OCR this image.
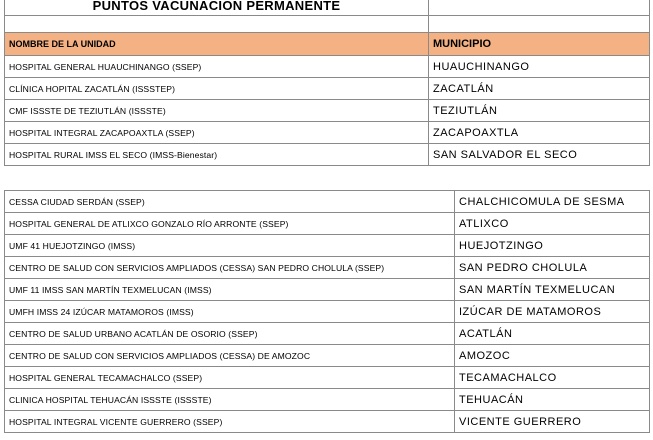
PUNTOS VACUNACION PERMANENTE	

NOMBRE DE LA UNIDAD	MUNICIPIO
HOSPITAL GENERAL HUAUCHINANGO (SSEP)	HUAUCHINANGO
CLÍNICA HOPITAL ZACATLÁN (ISSSTEP)	ZACATLÁN
CMF ISSSTE DE TEZIUTLÁN (ISSSTE)	TEZIUTLÁN
HOSPITAL INTEGRAL ZACAPOAXTLA (SSEP)	ZACAPOAXTLA
HOSPITAL RURAL IMSS EL SECO (IMSS-Bienestar)	SAN SALVADOR EL SECO
CESSA CIUDAD SERDÁN (SSEP)	CHALCHICOMULA DE SESMA
HOSPITAL GENERAL DE ATLIXCO GONZALO RÍO ARRONTE (SSEP)	ATLIXCO
UMF 41 HUEJOTZINGO (IMSS)	HUEJOTZINGO
CENTRO DE SALUD CON SERVICIOS AMPLIADOS (CESSA) SAN PEDRO CHOLULA (SSEP)	SAN PEDRO CHOLULA
UMF 11 IMSS SAN MARTÍN TEXMELUCAN (IMSS)	SAN MARTÍN TEXMELUCAN
UMFH IMSS 24 IZÚCAR MATAMOROS (IMSS)	IZÚCAR DE MATAMOROS
CENTRO DE SALUD URBANO ACATLÁN DE OSORIO (SSEP)	ACATLÁN
CENTRO DE SALUD CON SERVICIOS AMPLIADOS (CESSA) DE AMOZOC	AMOZOC
HOSPITAL GENERAL TECAMACHALCO (SSEP)	TECAMACHALCO
CLINICA HOSPITAL TEHUACÁN ISSSTE (ISSSTE)	TEHUACÁN
HOSPITAL INTEGRAL VICENTE GUERRERO (SSEP)	VICENTE GUERRERO
